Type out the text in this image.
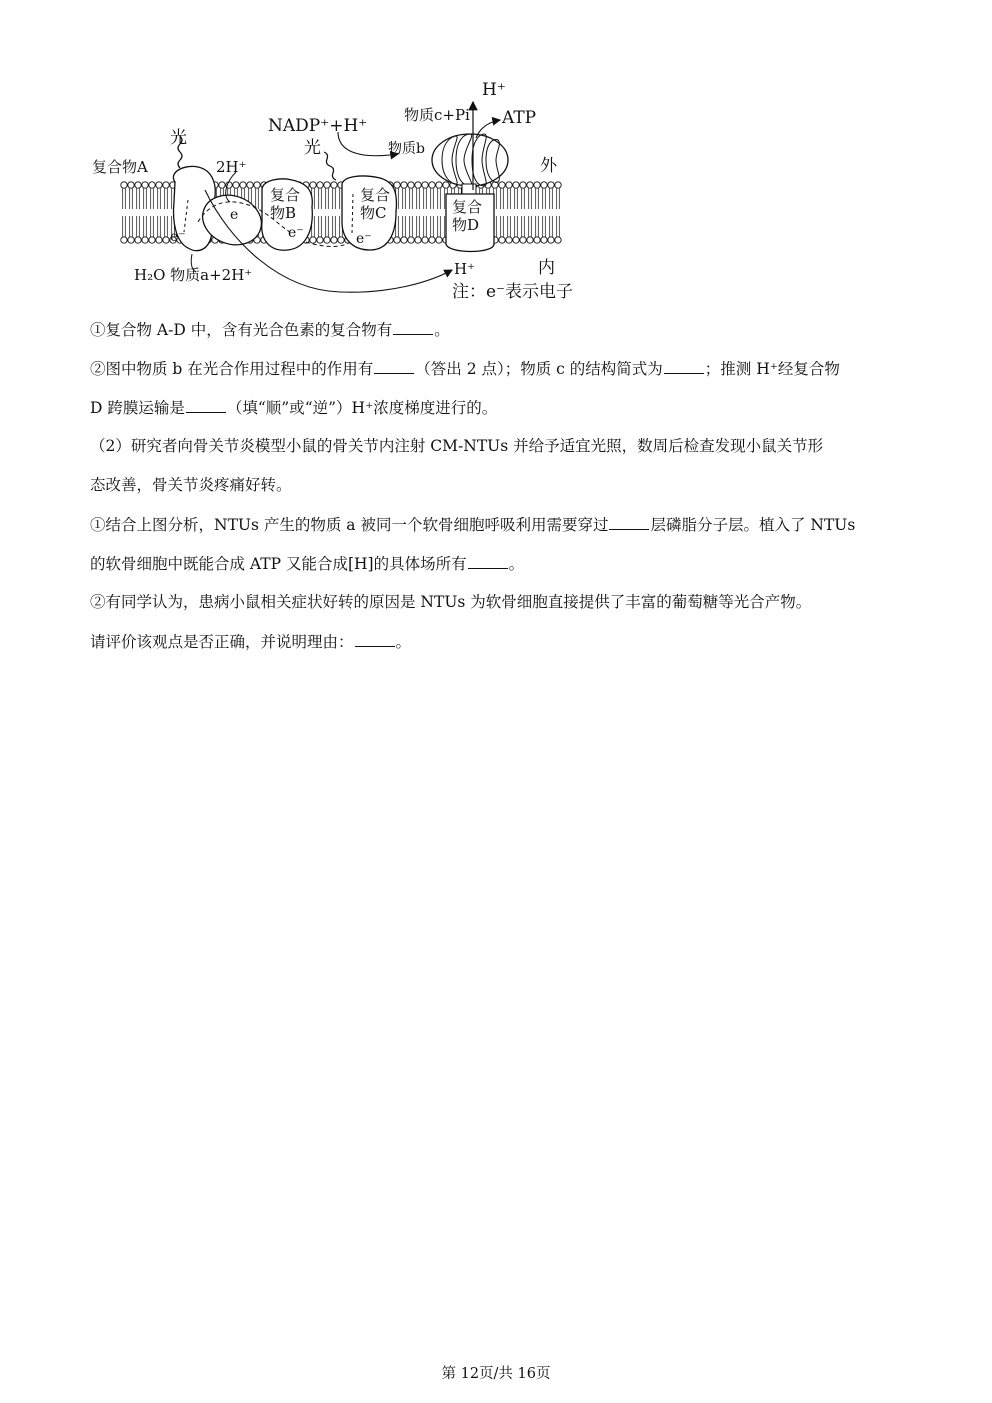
H⁺
物质c+Pi ATP
NADP⁺+H⁺
光	光	物质b
复合物A	2H⁺	外
复合
物B
复合
物C	复合
物D
e⁻
e
e⁻	e⁻
H₂O 物质a+2H⁺	H⁺	内
注：e⁻表示电子
①复合物 A-D 中，含有光合色素的复合物有	。
②图中物质 b 在光合作用过程中的作用有	（答出 2 点）；物质 c 的结构简式为	；推测 H⁺经复合物
D 跨膜运输是	（填“顺”或“逆”）H⁺浓度梯度进行的。
（2）研究者向骨关节炎模型小鼠的骨关节内注射 CM-NTUs 并给予适宜光照，数周后检查发现小鼠关节形
态改善，骨关节炎疼痛好转。
①结合上图分析，NTUs 产生的物质 a 被同一个软骨细胞呼吸利用需要穿过	层磷脂分子层。植入了 NTUs
的软骨细胞中既能合成 ATP 又能合成[H]的具体场所有	。
②有同学认为，患病小鼠相关症状好转的原因是 NTUs 为软骨细胞直接提供了丰富的葡萄糖等光合产物。
请评价该观点是否正确，并说明理由：	。
第 12页/共 16页
